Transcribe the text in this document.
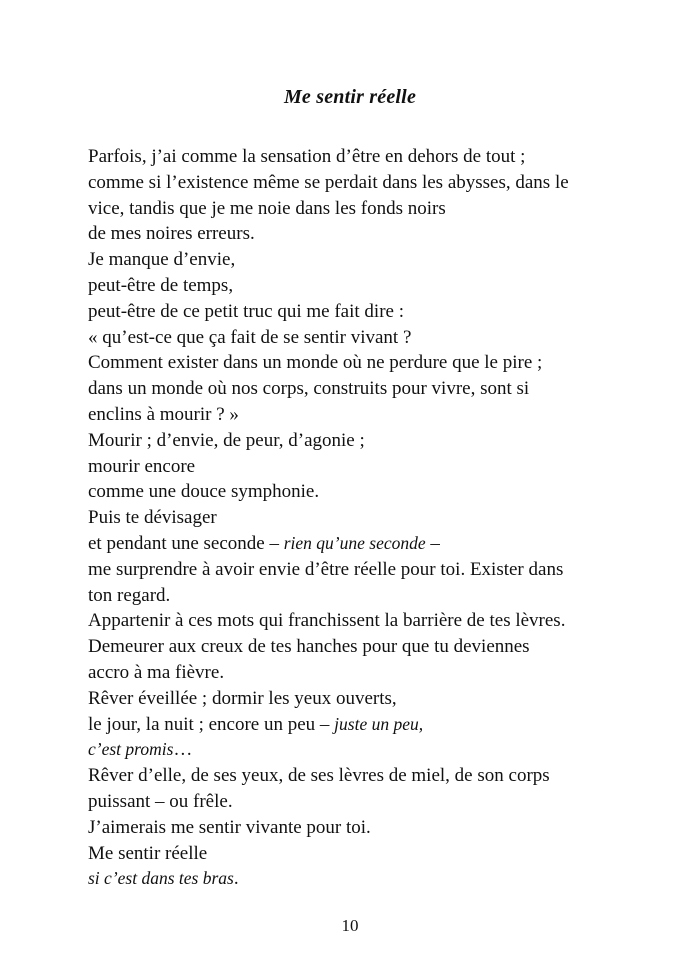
Me sentir réelle
Parfois, j’ai comme la sensation d’être en dehors de tout ;
comme si l’existence même se perdait dans les abysses, dans le
vice, tandis que je me noie dans les fonds noirs
de mes noires erreurs.
Je manque d’envie,
peut-être de temps,
peut-être de ce petit truc qui me fait dire :
« qu’est-ce que ça fait de se sentir vivant ?
Comment exister dans un monde où ne perdure que le pire ;
dans un monde où nos corps, construits pour vivre, sont si
enclins à mourir ? »
Mourir ; d’envie, de peur, d’agonie ;
mourir encore
comme une douce symphonie.
Puis te dévisager
et pendant une seconde – rien qu’une seconde –
me surprendre à avoir envie d’être réelle pour toi. Exister dans
ton regard.
Appartenir à ces mots qui franchissent la barrière de tes lèvres.
Demeurer aux creux de tes hanches pour que tu deviennes
accro à ma fièvre.
Rêver éveillée ; dormir les yeux ouverts,
le jour, la nuit ; encore un peu – juste un peu,
c’est promis…
Rêver d’elle, de ses yeux, de ses lèvres de miel, de son corps
puissant – ou frêle.
J’aimerais me sentir vivante pour toi.
Me sentir réelle
si c’est dans tes bras.
10
